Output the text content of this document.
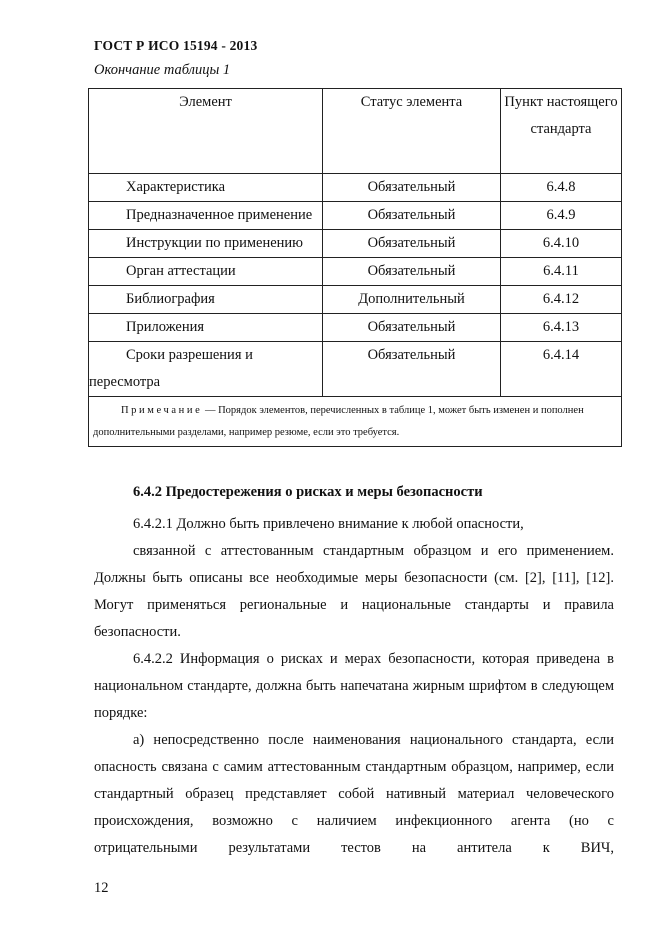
ГОСТ Р ИСО 15194 - 2013
Окончание таблицы 1
Элемент	Статус элемента	Пункт настоящего стандарта
Характеристика	Обязательный	6.4.8
Предназначенное применение	Обязательный	6.4.9
Инструкции по применению	Обязательный	6.4.10
Орган аттестации	Обязательный	6.4.11
Библиография	Дополнительный	6.4.12
Приложения	Обязательный	6.4.13
Сроки разрешения и пересмотра	Обязательный	6.4.14
Примечание — Порядок элементов, перечисленных в таблице 1, может быть изменен и пополнен дополнительными разделами, например резюме, если это требуется.		
6.4.2 Предостережения о рисках и меры безопасности

6.4.2.1 Должно быть привлечено внимание к любой опасности,

связанной с аттестованным стандартным образцом и его применением. Должны быть описаны все необходимые меры безопасности (см. [2], [11], [12]. Могут применяться региональные и национальные стандарты и правила безопасности.

6.4.2.2 Информация о рисках и мерах безопасности, которая приведена в национальном стандарте, должна быть напечатана жирным шрифтом в следующем порядке:

а) непосредственно после наименования национального стандарта, если опасность связана с самим аттестованным стандартным образцом, например, если стандартный образец представляет собой нативный материал человеческого происхождения, возможно с наличием инфекционного агента (но с отрицательными результатами тестов на антитела к ВИЧ,

12
